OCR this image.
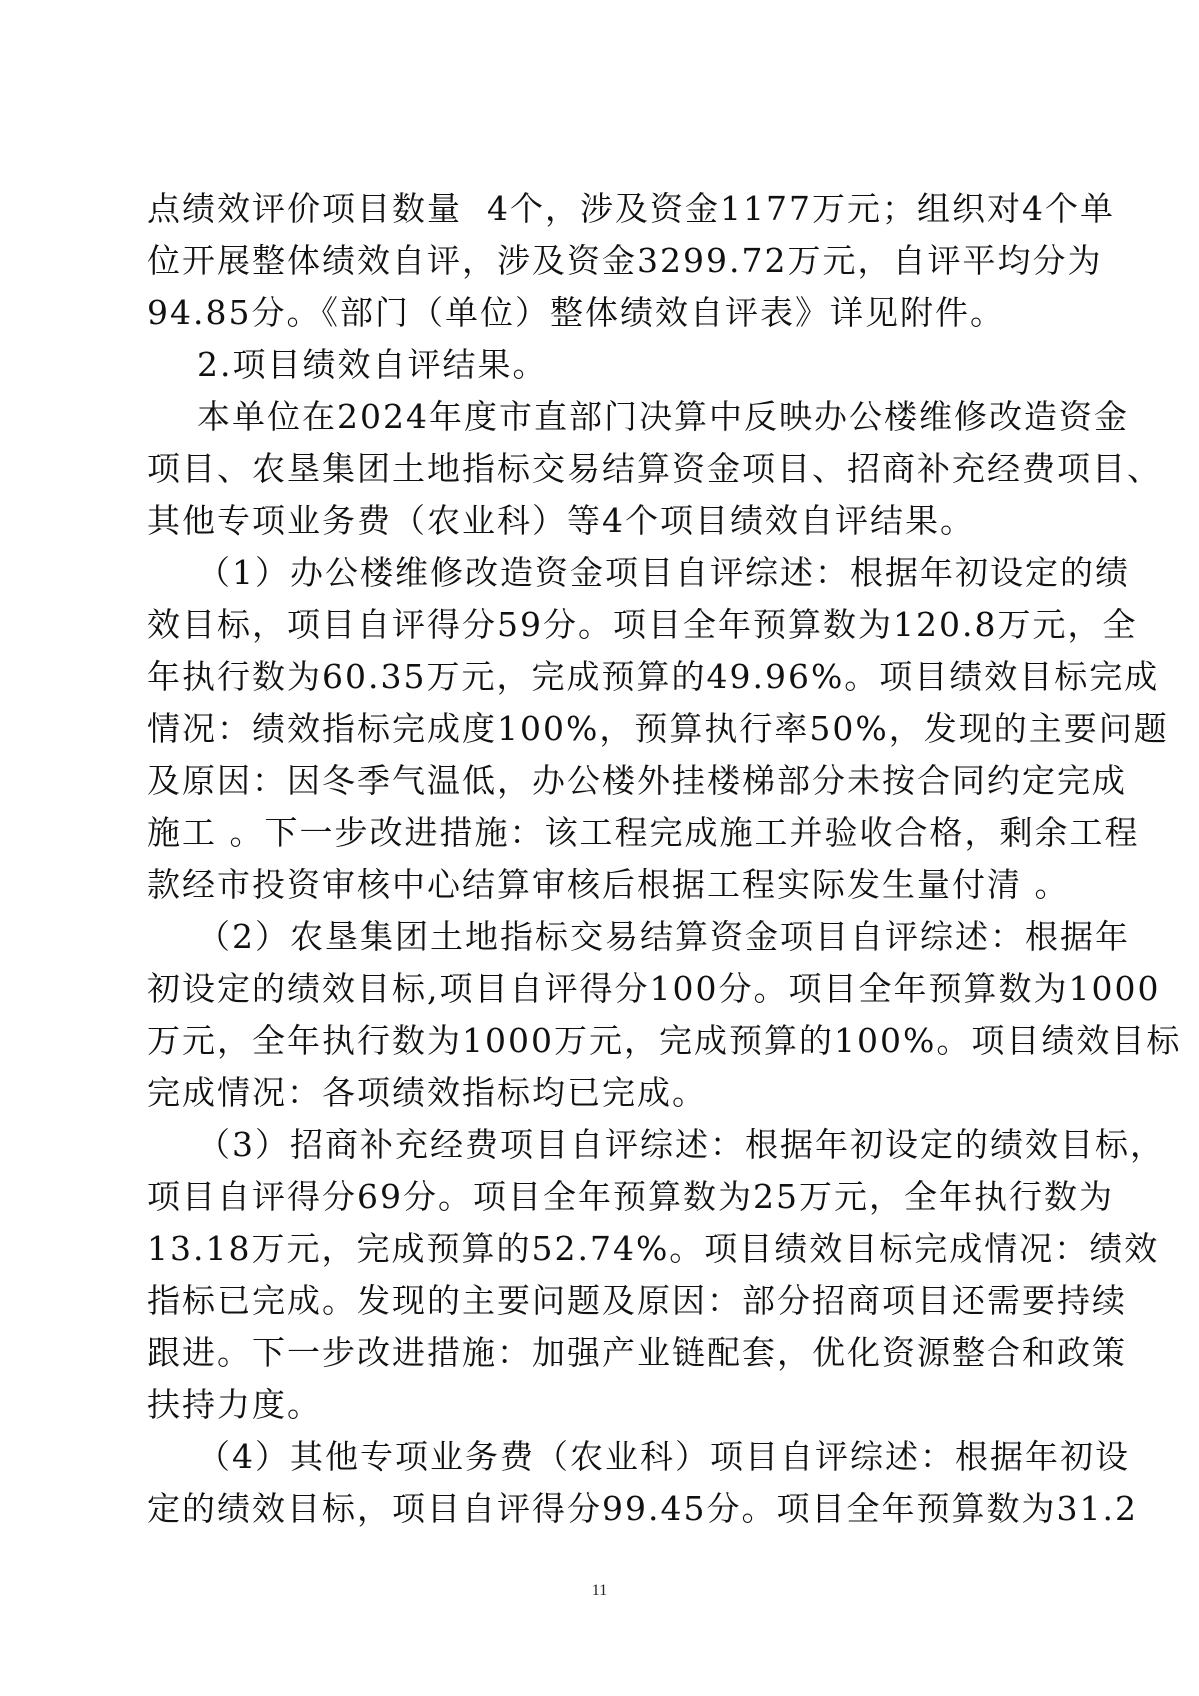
点绩效评价项目数量  4个，涉及资金1177万元；组织对4个单
位开展整体绩效自评，涉及资金3299.72万元，自评平均分为
94.85分。《部门（单位）整体绩效自评表》详见附件。
2.项目绩效自评结果。
本单位在2024年度市直部门决算中反映办公楼维修改造资金
项目、农垦集团土地指标交易结算资金项目、招商补充经费项目、
其他专项业务费（农业科）等4个项目绩效自评结果。
（1）办公楼维修改造资金项目自评综述：根据年初设定的绩
效目标，项目自评得分59分。项目全年预算数为120.8万元，全
年执行数为60.35万元，完成预算的49.96%。项目绩效目标完成
情况：绩效指标完成度100%，预算执行率50%，发现的主要问题
及原因：因冬季气温低，办公楼外挂楼梯部分未按合同约定完成
施工 。下一步改进措施：该工程完成施工并验收合格，剩余工程
款经市投资审核中心结算审核后根据工程实际发生量付清 。
（2）农垦集团土地指标交易结算资金项目自评综述：根据年
初设定的绩效目标,项目自评得分100分。项目全年预算数为1000
万元，全年执行数为1000万元，完成预算的100%。项目绩效目标
完成情况：各项绩效指标均已完成。
（3）招商补充经费项目自评综述：根据年初设定的绩效目标，
项目自评得分69分。项目全年预算数为25万元，全年执行数为
13.18万元，完成预算的52.74%。项目绩效目标完成情况：绩效
指标已完成。发现的主要问题及原因：部分招商项目还需要持续
跟进。下一步改进措施：加强产业链配套，优化资源整合和政策
扶持力度。
（4）其他专项业务费（农业科）项目自评综述：根据年初设
定的绩效目标，项目自评得分99.45分。项目全年预算数为31.2
11
